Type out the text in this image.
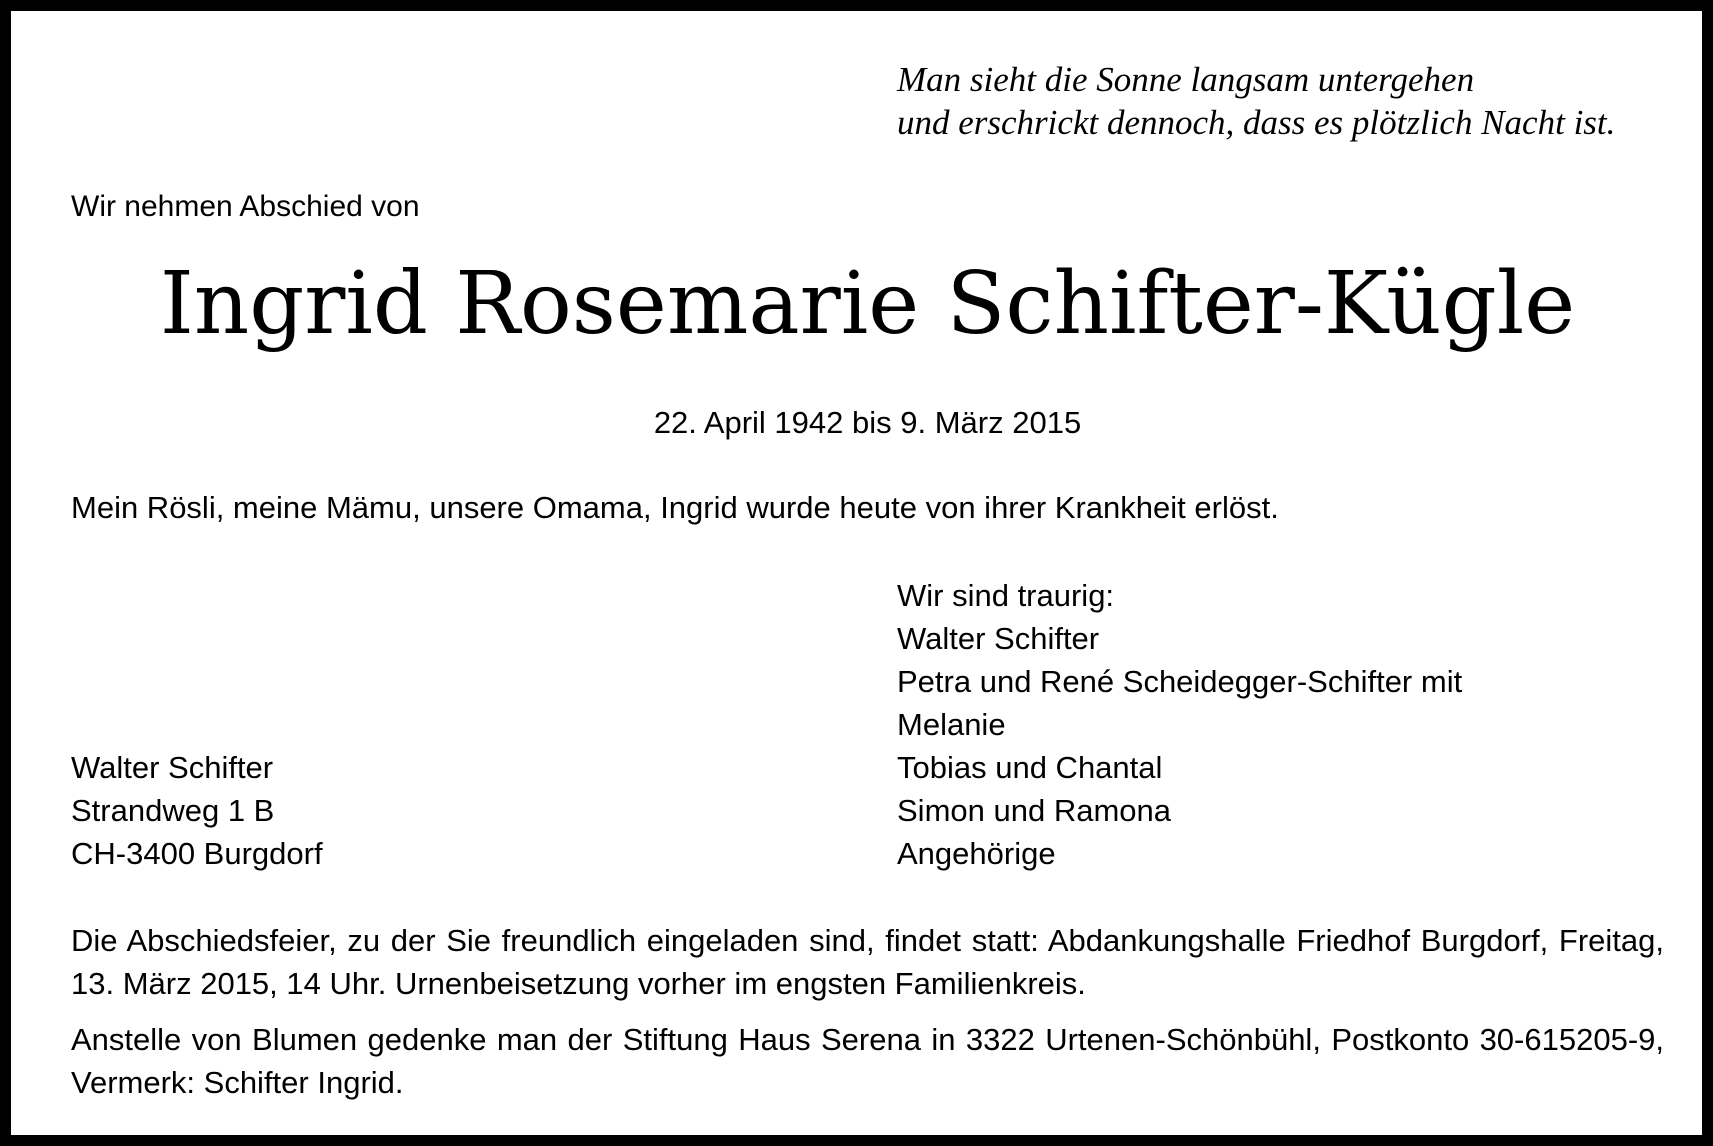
Man sieht die Sonne langsam untergehen
und erschrickt dennoch, dass es plötzlich Nacht ist.
Wir nehmen Abschied von
Ingrid Rosemarie Schifter-Kügle
22. April 1942 bis 9. März 2015
Mein Rösli, meine Mämu, unsere Omama, Ingrid wurde heute von ihrer Krankheit erlöst.
Wir sind traurig:
Walter Schifter
Petra und René Scheidegger-Schifter mit
Melanie
Tobias und Chantal
Simon und Ramona
Angehörige
Walter Schifter
Strandweg 1 B
CH-3400 Burgdorf
Die Abschiedsfeier, zu der Sie freundlich eingeladen sind, findet statt: Abdankungshalle Friedhof Burgdorf, Freitag, 13. März 2015, 14 Uhr. Urnenbeisetzung vorher im engsten Familienkreis.
Anstelle von Blumen gedenke man der Stiftung Haus Serena in 3322 Urtenen-Schönbühl, Postkonto 30-615205-9, Vermerk: Schifter Ingrid.
